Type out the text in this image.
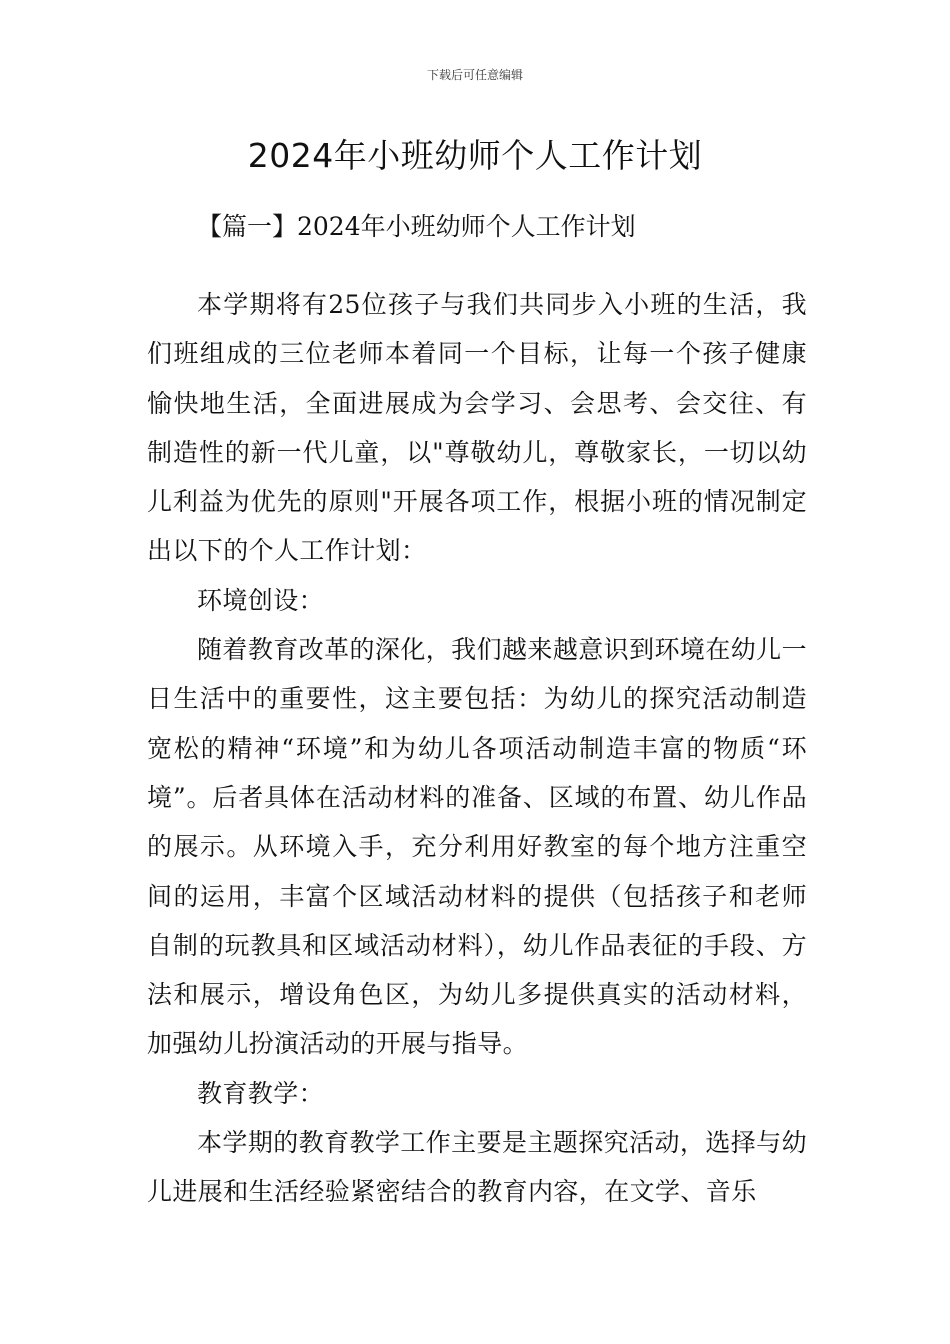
下载后可任意编辑
2024年小班幼师个人工作计划
【篇一】2024年小班幼师个人工作计划

本学期将有25位孩子与我们共同步入小班的生活，我们班组成的三位老师本着同一个目标，让每一个孩子健康愉快地生活，全面进展成为会学习、会思考、会交往、有制造性的新一代儿童，以"尊敬幼儿，尊敬家长，一切以幼儿利益为优先的原则"开展各项工作，根据小班的情况制定出以下的个人工作计划：

环境创设：

随着教育改革的深化，我们越来越意识到环境在幼儿一日生活中的重要性，这主要包括：为幼儿的探究活动制造宽松的精神“环境”和为幼儿各项活动制造丰富的物质“环境”。后者具体在活动材料的准备、区域的布置、幼儿作品的展示。从环境入手，充分利用好教室的每个地方注重空间的运用，丰富个区域活动材料的提供（包括孩子和老师自制的玩教具和区域活动材料），幼儿作品表征的手段、方法和展示，增设角色区，为幼儿多提供真实的活动材料，加强幼儿扮演活动的开展与指导。

教育教学：

本学期的教育教学工作主要是主题探究活动，选择与幼儿进展和生活经验紧密结合的教育内容，在文学、音乐
